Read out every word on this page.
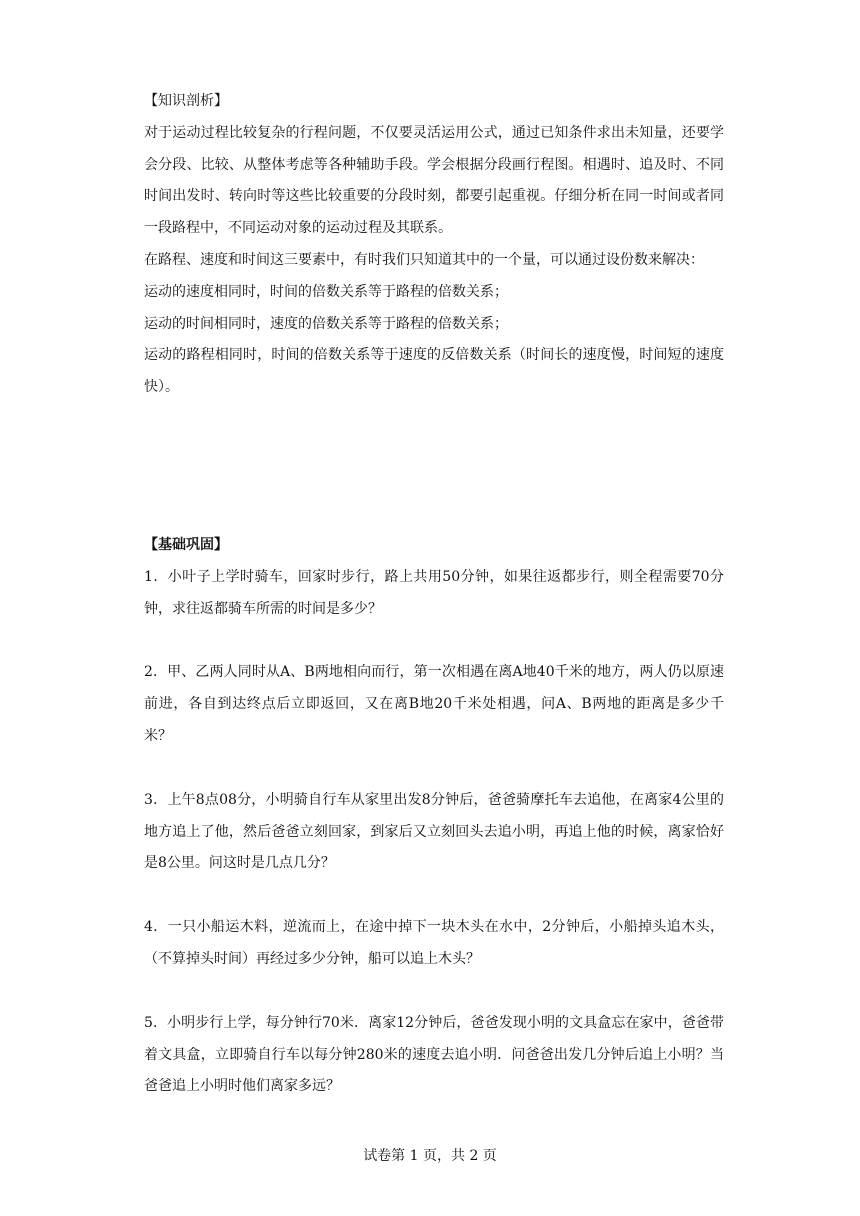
【知识剖析】

对于运动过程比较复杂的行程问题，不仅要灵活运用公式，通过已知条件求出未知量，还要学会分段、比较、从整体考虑等各种辅助手段。学会根据分段画行程图。相遇时、追及时、不同时间出发时、转向时等这些比较重要的分段时刻，都要引起重视。仔细分析在同一时间或者同一段路程中，不同运动对象的运动过程及其联系。

在路程、速度和时间这三要素中，有时我们只知道其中的一个量，可以通过设份数来解决：

运动的速度相同时，时间的倍数关系等于路程的倍数关系；

运动的时间相同时，速度的倍数关系等于路程的倍数关系；

运动的路程相同时，时间的倍数关系等于速度的反倍数关系（时间长的速度慢，时间短的速度快）。

【基础巩固】

1．小叶子上学时骑车，回家时步行，路上共用50分钟，如果往返都步行，则全程需要70分钟，求往返都骑车所需的时间是多少？

2．甲、乙两人同时从A、B两地相向而行，第一次相遇在离A地40千米的地方，两人仍以原速前进，各自到达终点后立即返回，又在离B地20千米处相遇，问A、B两地的距离是多少千米？

3．上午8点08分，小明骑自行车从家里出发8分钟后，爸爸骑摩托车去追他，在离家4公里的地方追上了他，然后爸爸立刻回家，到家后又立刻回头去追小明，再追上他的时候，离家恰好是8公里。问这时是几点几分？

4．一只小船运木料，逆流而上，在途中掉下一块木头在水中，2分钟后，小船掉头追木头，（不算掉头时间）再经过多少分钟，船可以追上木头？

5．小明步行上学，每分钟行70米．离家12分钟后，爸爸发现小明的文具盒忘在家中，爸爸带着文具盒，立即骑自行车以每分钟280米的速度去追小明．问爸爸出发几分钟后追上小明？当爸爸追上小明时他们离家多远？

试卷第 1 页，共 2 页
